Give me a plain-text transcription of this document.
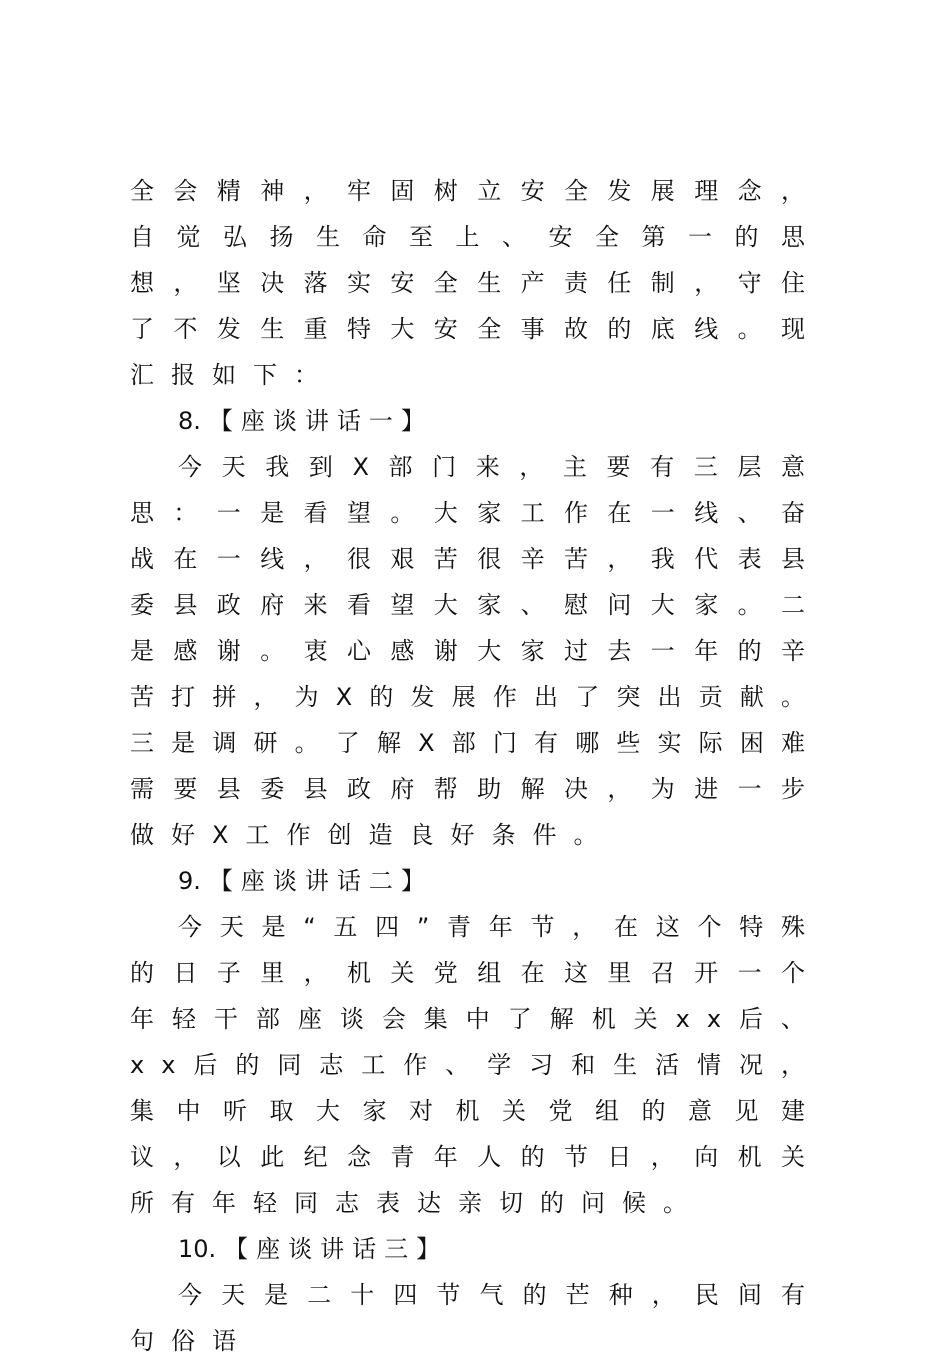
全会精神，牢固树立安全发展理念，自觉弘扬生命至上、安全第一的思想，坚决落实安全生产责任制，守住了不发生重特大安全事故的底线。现汇报如下：

8. 【座谈讲话一】

今天我到X部门来，主要有三层意思：一是看望。大家工作在一线、奋战在一线，很艰苦很辛苦，我代表县委县政府来看望大家、慰问大家。二是感谢。衷心感谢大家过去一年的辛苦打拼，为X的发展作出了突出贡献。三是调研。了解X部门有哪些实际困难需要县委县政府帮助解决，为进一步做好X工作创造良好条件。

9. 【座谈讲话二】

今天是“五四”青年节，在这个特殊的日子里，机关党组在这里召开一个年轻干部座谈会集中了解机关xx后、xx后的同志工作、学习和生活情况，集中听取大家对机关党组的意见建议，以此纪念青年人的节日，向机关所有年轻同志表达亲切的问候。

10. 【座谈讲话三】

今天是二十四节气的芒种，民间有句俗语
